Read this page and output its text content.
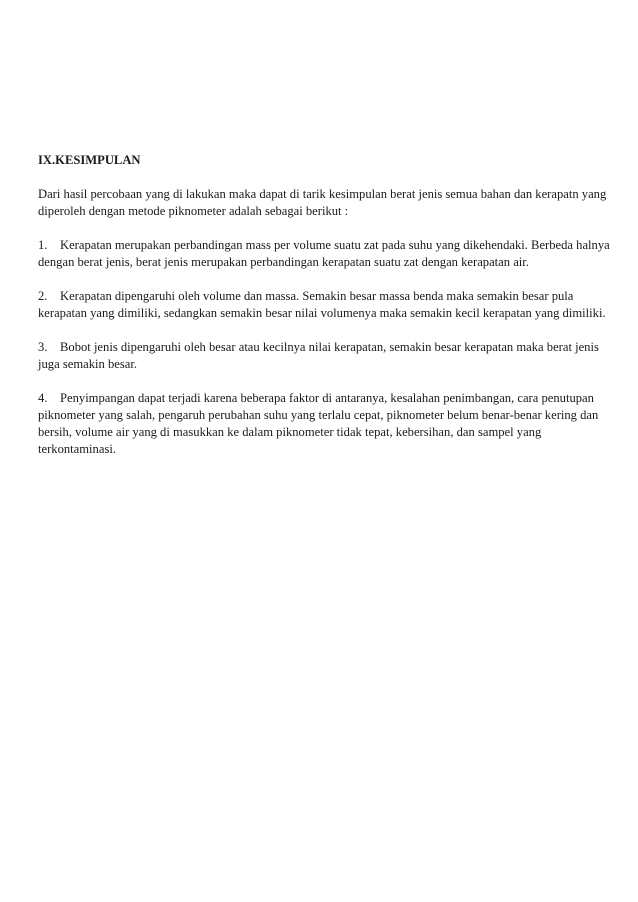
IX.KESIMPULAN

Dari hasil percobaan yang di lakukan maka dapat di tarik kesimpulan berat jenis semua bahan dan kerapatn yang diperoleh dengan metode piknometer adalah sebagai berikut :

1. Kerapatan merupakan perbandingan mass per volume suatu zat pada suhu yang dikehendaki. Berbeda halnya dengan berat jenis, berat jenis merupakan perbandingan kerapatan suatu zat dengan kerapatan air.

2. Kerapatan dipengaruhi oleh volume dan massa. Semakin besar massa benda maka semakin besar pula kerapatan yang dimiliki, sedangkan semakin besar nilai volumenya maka semakin kecil kerapatan yang dimiliki.

3. Bobot jenis dipengaruhi oleh besar atau kecilnya nilai kerapatan, semakin besar kerapatan maka berat jenis juga semakin besar.

4. Penyimpangan dapat terjadi karena beberapa faktor di antaranya, kesalahan penimbangan, cara penutupan piknometer yang salah, pengaruh perubahan suhu yang terlalu cepat, piknometer belum benar-benar kering dan bersih, volume air yang di masukkan ke dalam piknometer tidak tepat, kebersihan, dan sampel yang terkontaminasi.
